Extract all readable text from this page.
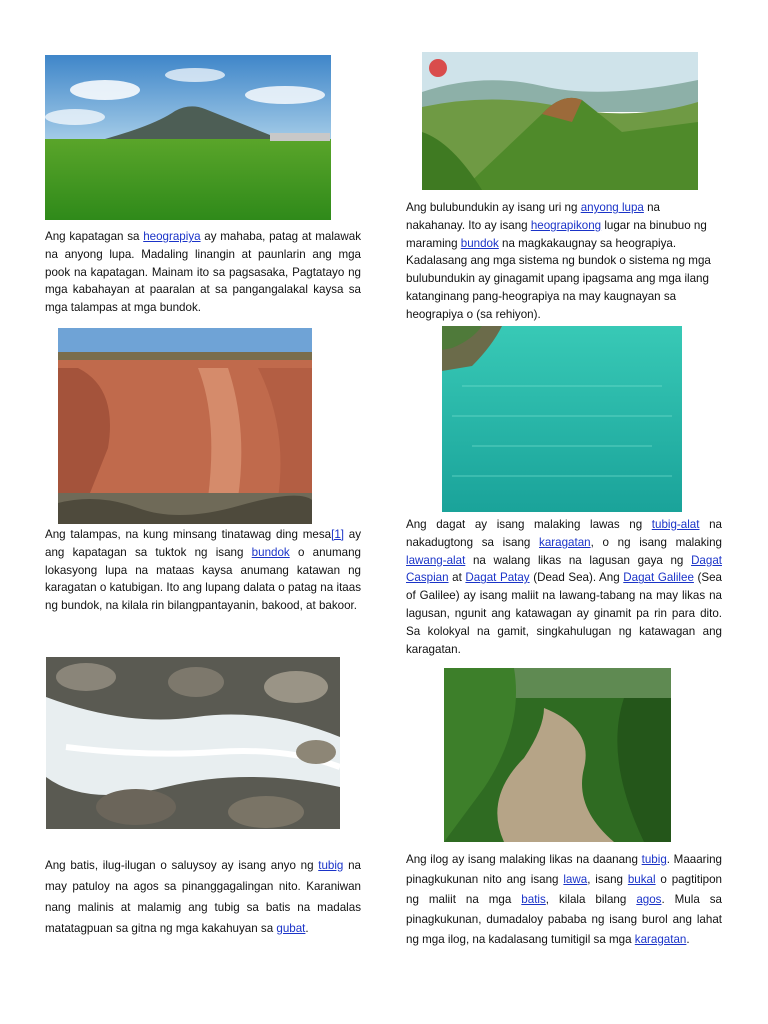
Ang kapatagan sa heograpiya ay mahaba, patag at malawak na anyong lupa. Madaling linangin at paunlarin ang mga pook na kapatagan. Mainam ito sa pagsasaka, Pagtatayo ng mga kabahayan at paaralan at sa pangangalakal kaysa sa mga talampas at mga bundok.

Ang bulubundukin ay isang uri ng anyong lupa na nakahanay. Ito ay isang heograpikong lugar na binubuo ng maraming bundok na magkakaugnay sa heograpiya. Kadalasang ang mga sistema ng bundok o sistema ng mga bulubundukin ay ginagamit upang ipagsama ang mga ilang katanginang pang-heograpiya na may kaugnayan sa heograpiya o (sa rehiyon).

Ang talampas, na kung minsang tinatawag ding mesa[1] ay ang kapatagan sa tuktok ng isang bundok o anumang lokasyong lupa na mataas kaysa anumang katawan ng karagatan o katubigan. Ito ang lupang dalata o patag na itaas ng bundok, na kilala rin bilangpantayanin, bakood, at bakoor.

Ang dagat ay isang malaking lawas ng tubig-alat na nakadugtong sa isang karagatan, o ng isang malaking lawang-alat na walang likas na lagusan gaya ng Dagat Caspian at Dagat Patay (Dead Sea). Ang Dagat Galilee (Sea of Galilee) ay isang maliit na lawang-tabang na may likas na lagusan, ngunit ang katawagan ay ginamit pa rin para dito. Sa kolokyal na gamit, singkahulugan ng katawagan ang karagatan.

Ang batis, ilug-ilugan o saluysoy ay isang anyo ng tubig na may patuloy na agos sa pinanggagalingan nito. Karaniwan nang malinis at malamig ang tubig sa batis na madalas matatagpuan sa gitna ng mga kakahuyan sa gubat.

Ang ilog ay isang malaking likas na daanang tubig. Maaaring pinagkukunan nito ang isang lawa, isang bukal o pagtitipon ng maliit na mga batis, kilala bilang agos. Mula sa pinagkukunan, dumadaloy pababa ng isang burol ang lahat ng mga ilog, na kadalasang tumitigil sa mga karagatan.
